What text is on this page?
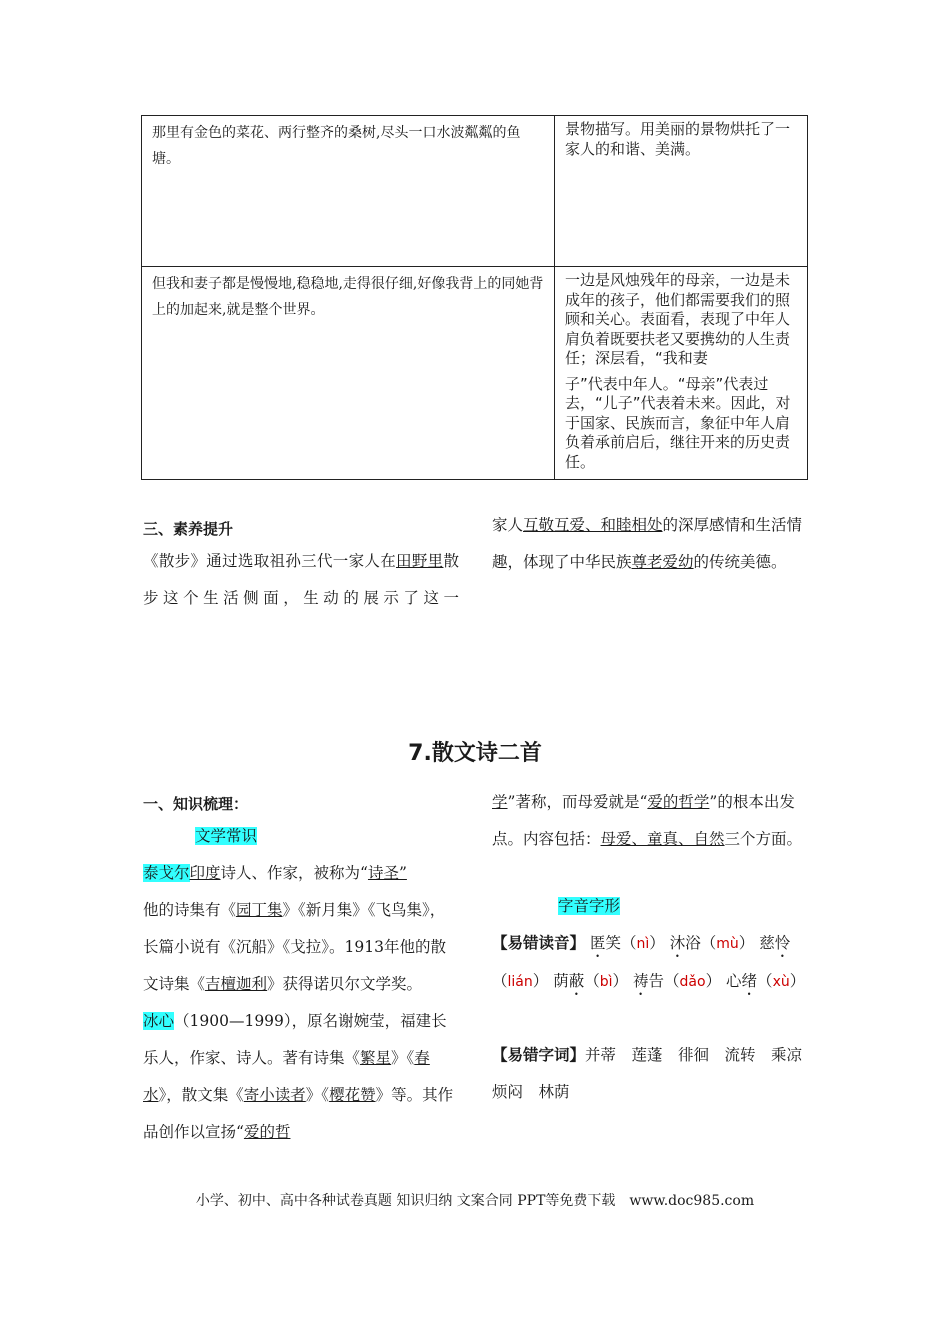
那里有金色的菜花、两行整齐的桑树,尽头一口水波粼粼的鱼塘。	景物描写。用美丽的景物烘托了一家人的和谐、美满。
但我和妻子都是慢慢地,稳稳地,走得很仔细,好像我背上的同她背上的加起来,就是整个世界。	一边是风烛残年的母亲，一边是未成年的孩子，他们都需要我们的照顾和关心。表面看，表现了中年人肩负着既要扶老又要携幼的人生责任；深层看，“我和妻
子”代表中年人。“母亲”代表过去，“儿子”代表着未来。因此，对于国家、民族而言，象征中年人肩负着承前启后，继往开来的历史责任。
三、素养提升
《散步》通过选取祖孙三代一家人在田野里散步这个生活侧面，生动的展示了这一
家人互敬互爱、和睦相处的深厚感情和生活情趣，体现了中华民族尊老爱幼的传统美德。
7.散文诗二首
一、知识梳理：
文学常识
泰戈尔印度诗人、作家，被称为“诗圣”
他的诗集有《园丁集》《新月集》《飞鸟集》，长篇小说有《沉船》《戈拉》。1913年他的散文诗集《吉檀迦利》获得诺贝尔文学奖。
冰心（1900—1999），原名谢婉莹，福建长乐人，作家、诗人。著有诗集《繁星》《春水》，散文集《寄小读者》《樱花赞》等。其作品创作以宣扬“爱的哲
学”著称，而母爱就是“爱的哲学”的根本出发点。内容包括：母爱、童真、自然三个方面。
字音字形
【易错读音】 匿笑（nì） 沐浴（mù） 慈怜（lián） 荫蔽（bì） 祷告（dǎo） 心绪（xù）
【易错字词】并蒂　莲蓬　徘徊　流转　乘凉　烦闷　林荫
小学、初中、高中各种试卷真题 知识归纳 文案合同 PPT等免费下载　www.doc985.com
